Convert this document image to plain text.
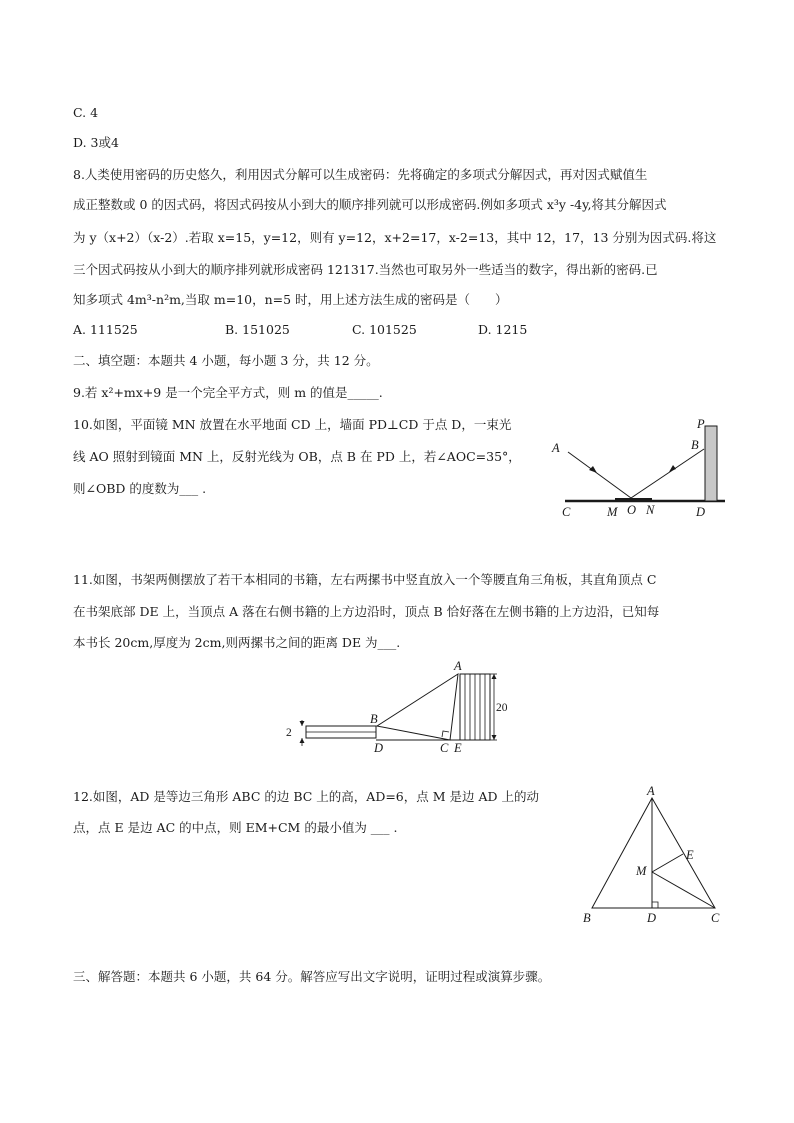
C. 4
D. 3或4
8.人类使用密码的历史悠久，利用因式分解可以生成密码：先将确定的多项式分解因式，再对因式赋值生
成正整数或 0 的因式码，将因式码按从小到大的顺序排列就可以形成密码.例如多项式 x³y -4y,将其分解因式
为 y（x+2）（x-2）.若取 x=15，y=12，则有 y=12，x+2=17，x-2=13，其中 12，17，13 分别为因式码.将这
三个因式码按从小到大的顺序排列就形成密码 121317.当然也可取另外一些适当的数字，得出新的密码.已
知多项式 4m³-n²m,当取 m=10，n=5 时，用上述方法生成的密码是（　　）
A. 111525	B. 151025	C. 101525	D. 1215
二、填空题：本题共 4 小题，每小题 3 分，共 12 分。
9.若 x²+mx+9 是一个完全平方式，则 m 的值是_____.
10.如图，平面镜 MN 放置在水平地面 CD 上，墙面 PD⊥CD 于点 D，一束光
线 AO 照射到镜面 MN 上，反射光线为 OB，点 B 在 PD 上，若∠AOC=35°，
则∠OBD 的度数为___ .
A	B
P
C	M O N	D
11.如图，书架两侧摆放了若干本相同的书籍，左右两摞书中竖直放入一个等腰直角三角板，其直角顶点 C
在书架底部 DE 上，当顶点 A 落在右侧书籍的上方边沿时，顶点 B 恰好落在左侧书籍的上方边沿，已知每
本书长 20cm,厚度为 2cm,则两摞书之间的距离 DE 为___.
2
20
A
B
D	C E
12.如图，AD 是等边三角形 ABC 的边 BC 上的高，AD=6，点 M 是边 AD 上的动
点，点 E 是边 AC 的中点，则 EM+CM 的最小值为 ___ .
A
E
M
B	D	C
三、解答题：本题共 6 小题，共 64 分。解答应写出文字说明，证明过程或演算步骤。
